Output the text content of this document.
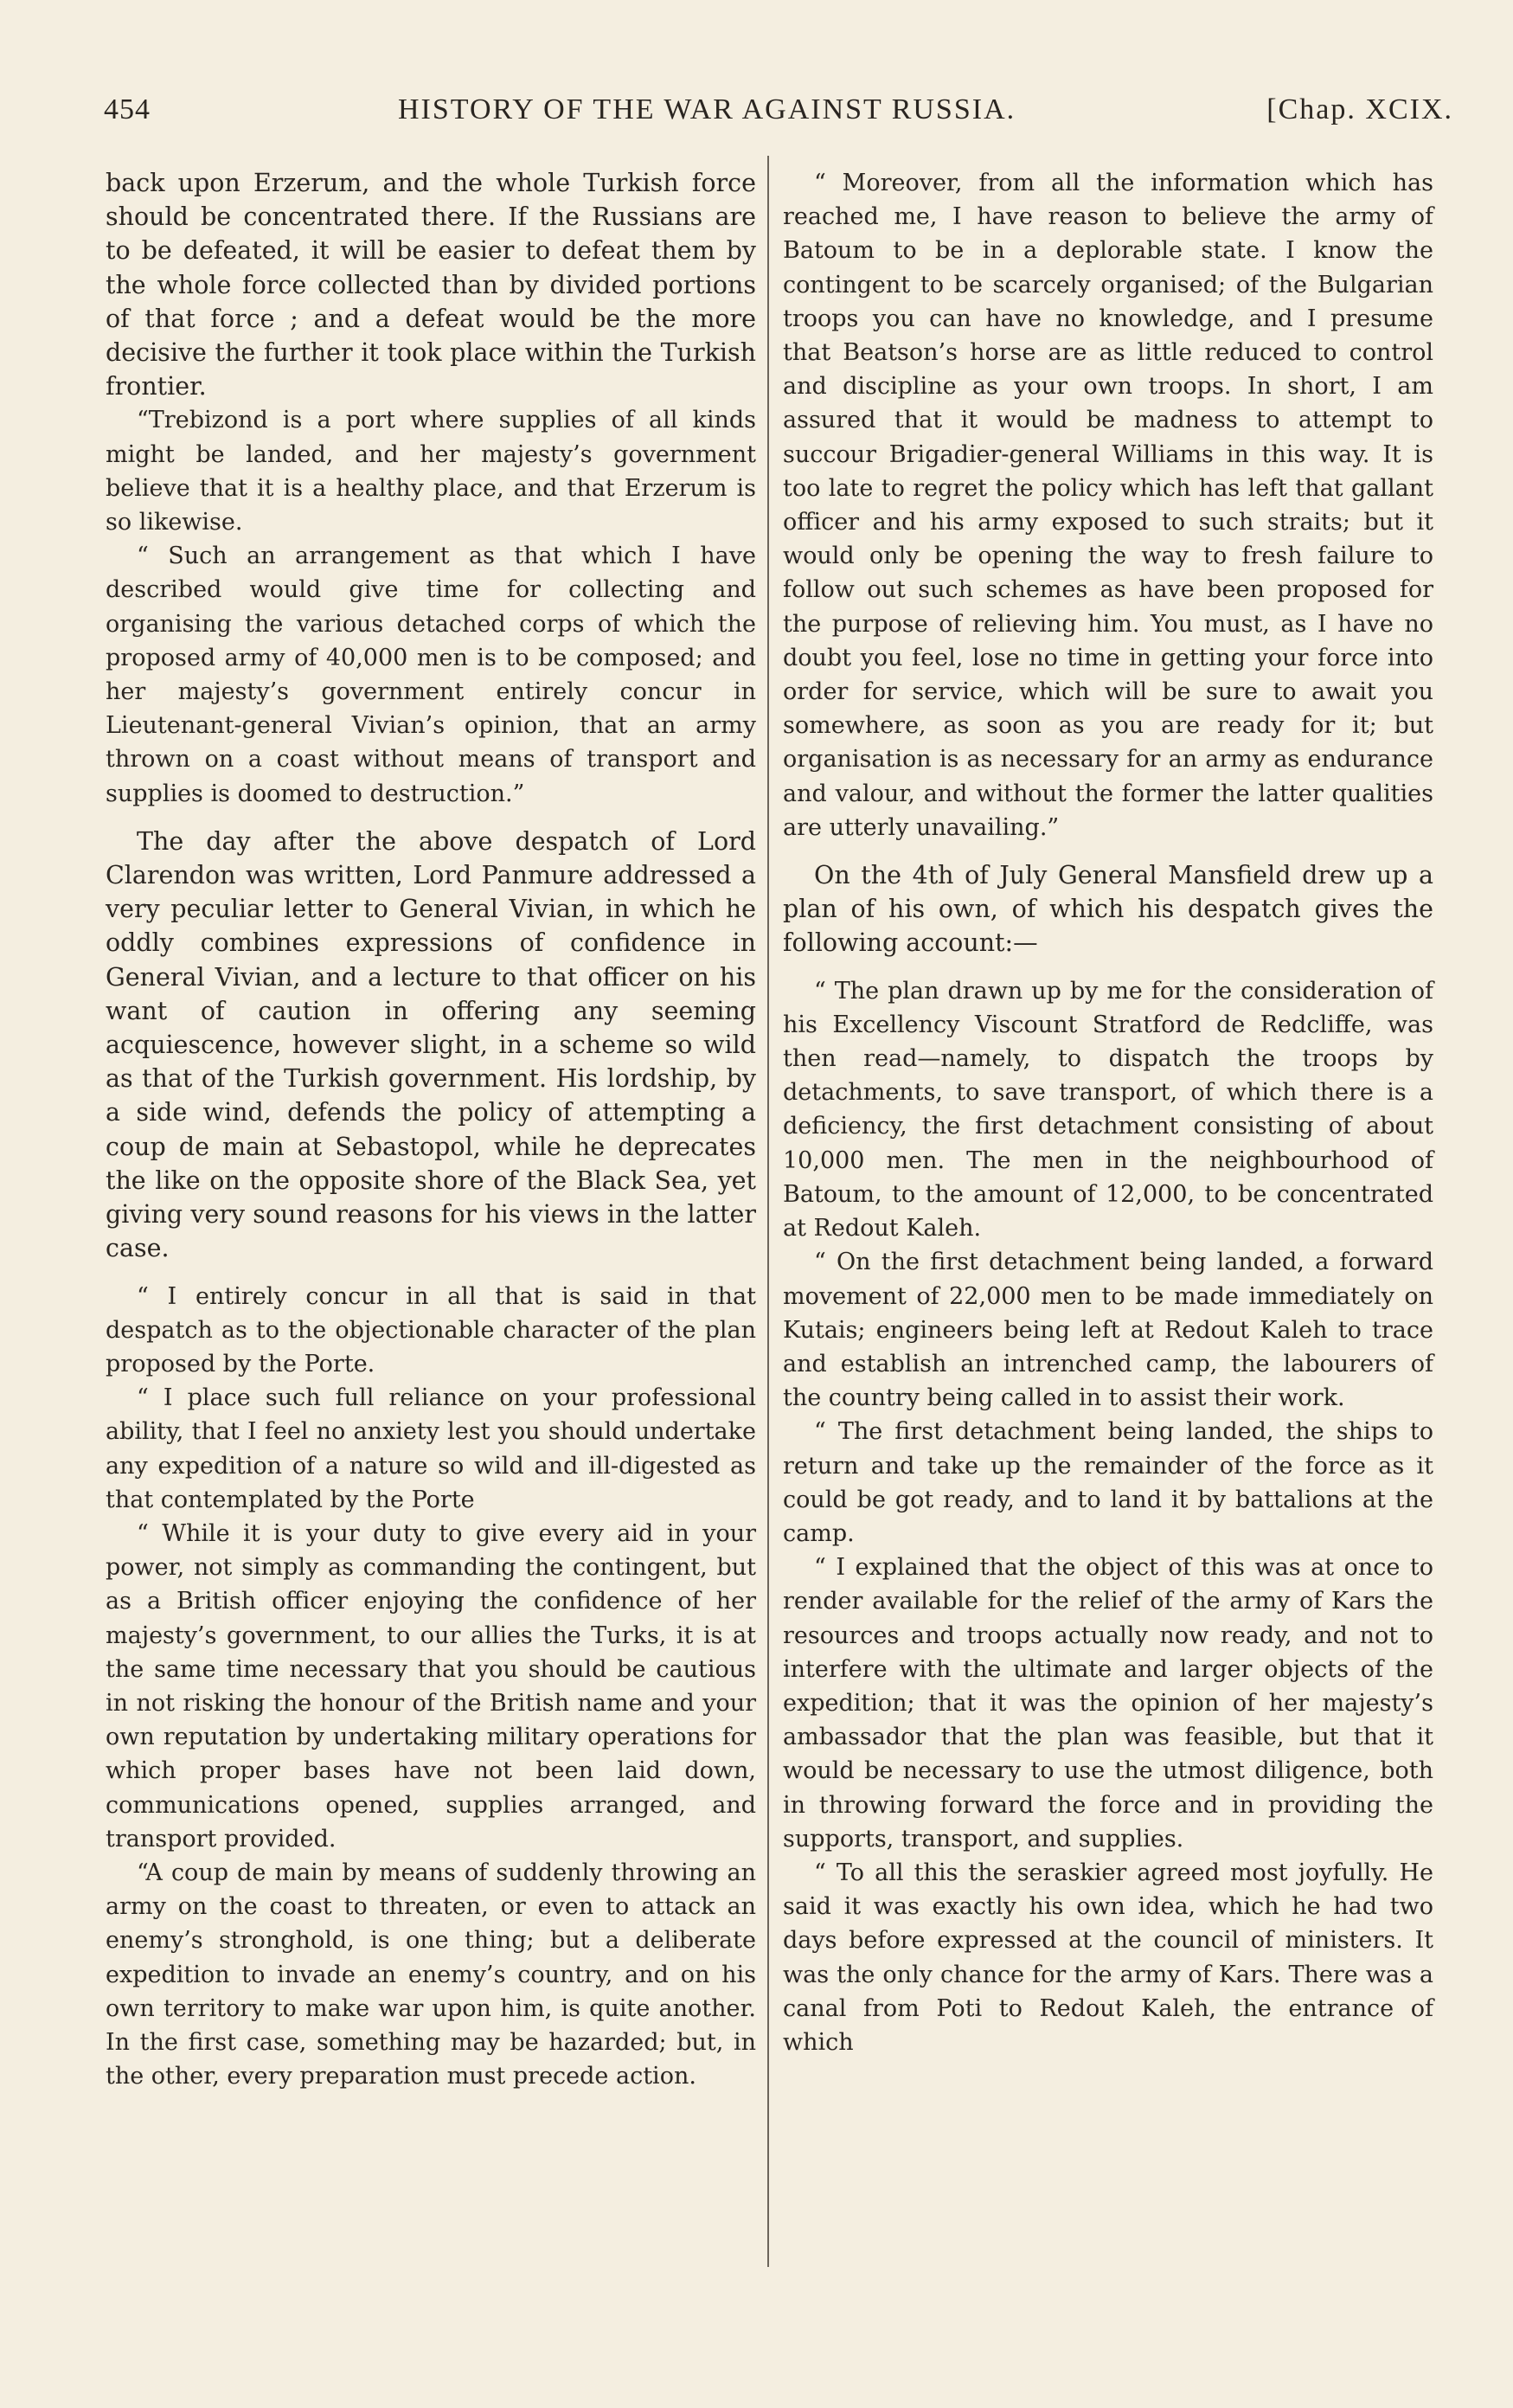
454	HISTORY OF THE WAR AGAINST RUSSIA.	[Chap. XCIX.

back upon Erzerum, and the whole Turkish force should be concentrated there. If the Russians are to be defeated, it will be easier to defeat them by the whole force collected than by divided portions of that force ; and a defeat would be the more decisive the further it took place within the Turkish frontier.

“Trebizond is a port where supplies of all kinds might be landed, and her majesty’s government believe that it is a healthy place, and that Erzerum is so likewise.

“ Such an arrangement as that which I have described would give time for collecting and organising the various detached corps of which the proposed army of 40,000 men is to be composed; and her majesty’s government entirely concur in Lieutenant-general Vivian’s opinion, that an army thrown on a coast without means of transport and supplies is doomed to destruction.”

The day after the above despatch of Lord Clarendon was written, Lord Panmure addressed a very peculiar letter to General Vivian, in which he oddly combines expressions of confidence in General Vivian, and a lecture to that officer on his want of caution in offering any seeming acquiescence, however slight, in a scheme so wild as that of the Turkish government. His lordship, by a side wind, defends the policy of attempting a coup de main at Sebastopol, while he deprecates the like on the opposite shore of the Black Sea, yet giving very sound reasons for his views in the latter case.

“ I entirely concur in all that is said in that despatch as to the objectionable character of the plan proposed by the Porte.

“ I place such full reliance on your professional ability, that I feel no anxiety lest you should undertake any expedition of a nature so wild and ill-digested as that contemplated by the Porte

“ While it is your duty to give every aid in your power, not simply as commanding the contingent, but as a British officer enjoying the confidence of her majesty’s government, to our allies the Turks, it is at the same time necessary that you should be cautious in not risking the honour of the British name and your own reputation by undertaking military operations for which proper bases have not been laid down, communications opened, supplies arranged, and transport provided.

“A coup de main by means of suddenly throwing an army on the coast to threaten, or even to attack an enemy’s stronghold, is one thing; but a deliberate expedition to invade an enemy’s country, and on his own territory to make war upon him, is quite another. In the first case, something may be hazarded; but, in the other, every preparation must precede action.

“ Moreover, from all the information which has reached me, I have reason to believe the army of Batoum to be in a deplorable state. I know the contingent to be scarcely organised; of the Bulgarian troops you can have no knowledge, and I presume that Beatson’s horse are as little reduced to control and discipline as your own troops. In short, I am assured that it would be madness to attempt to succour Brigadier-general Williams in this way. It is too late to regret the policy which has left that gallant officer and his army exposed to such straits; but it would only be opening the way to fresh failure to follow out such schemes as have been proposed for the purpose of relieving him. You must, as I have no doubt you feel, lose no time in getting your force into order for service, which will be sure to await you somewhere, as soon as you are ready for it; but organisation is as necessary for an army as endurance and valour, and without the former the latter qualities are utterly unavailing.”

On the 4th of July General Mansfield drew up a plan of his own, of which his despatch gives the following account:—

“ The plan drawn up by me for the consideration of his Excellency Viscount Stratford de Redcliffe, was then read—namely, to dispatch the troops by detachments, to save transport, of which there is a deficiency, the first detachment consisting of about 10,000 men. The men in the neighbourhood of Batoum, to the amount of 12,000, to be concentrated at Redout Kaleh.

“ On the first detachment being landed, a forward movement of 22,000 men to be made immediately on Kutais; engineers being left at Redout Kaleh to trace and establish an intrenched camp, the labourers of the country being called in to assist their work.

“ The first detachment being landed, the ships to return and take up the remainder of the force as it could be got ready, and to land it by battalions at the camp.

“ I explained that the object of this was at once to render available for the relief of the army of Kars the resources and troops actually now ready, and not to interfere with the ultimate and larger objects of the expedition; that it was the opinion of her majesty’s ambassador that the plan was feasible, but that it would be necessary to use the utmost diligence, both in throwing forward the force and in providing the supports, transport, and supplies.

“ To all this the seraskier agreed most joyfully. He said it was exactly his own idea, which he had two days before expressed at the council of ministers. It was the only chance for the army of Kars. There was a canal from Poti to Redout Kaleh, the entrance of which
